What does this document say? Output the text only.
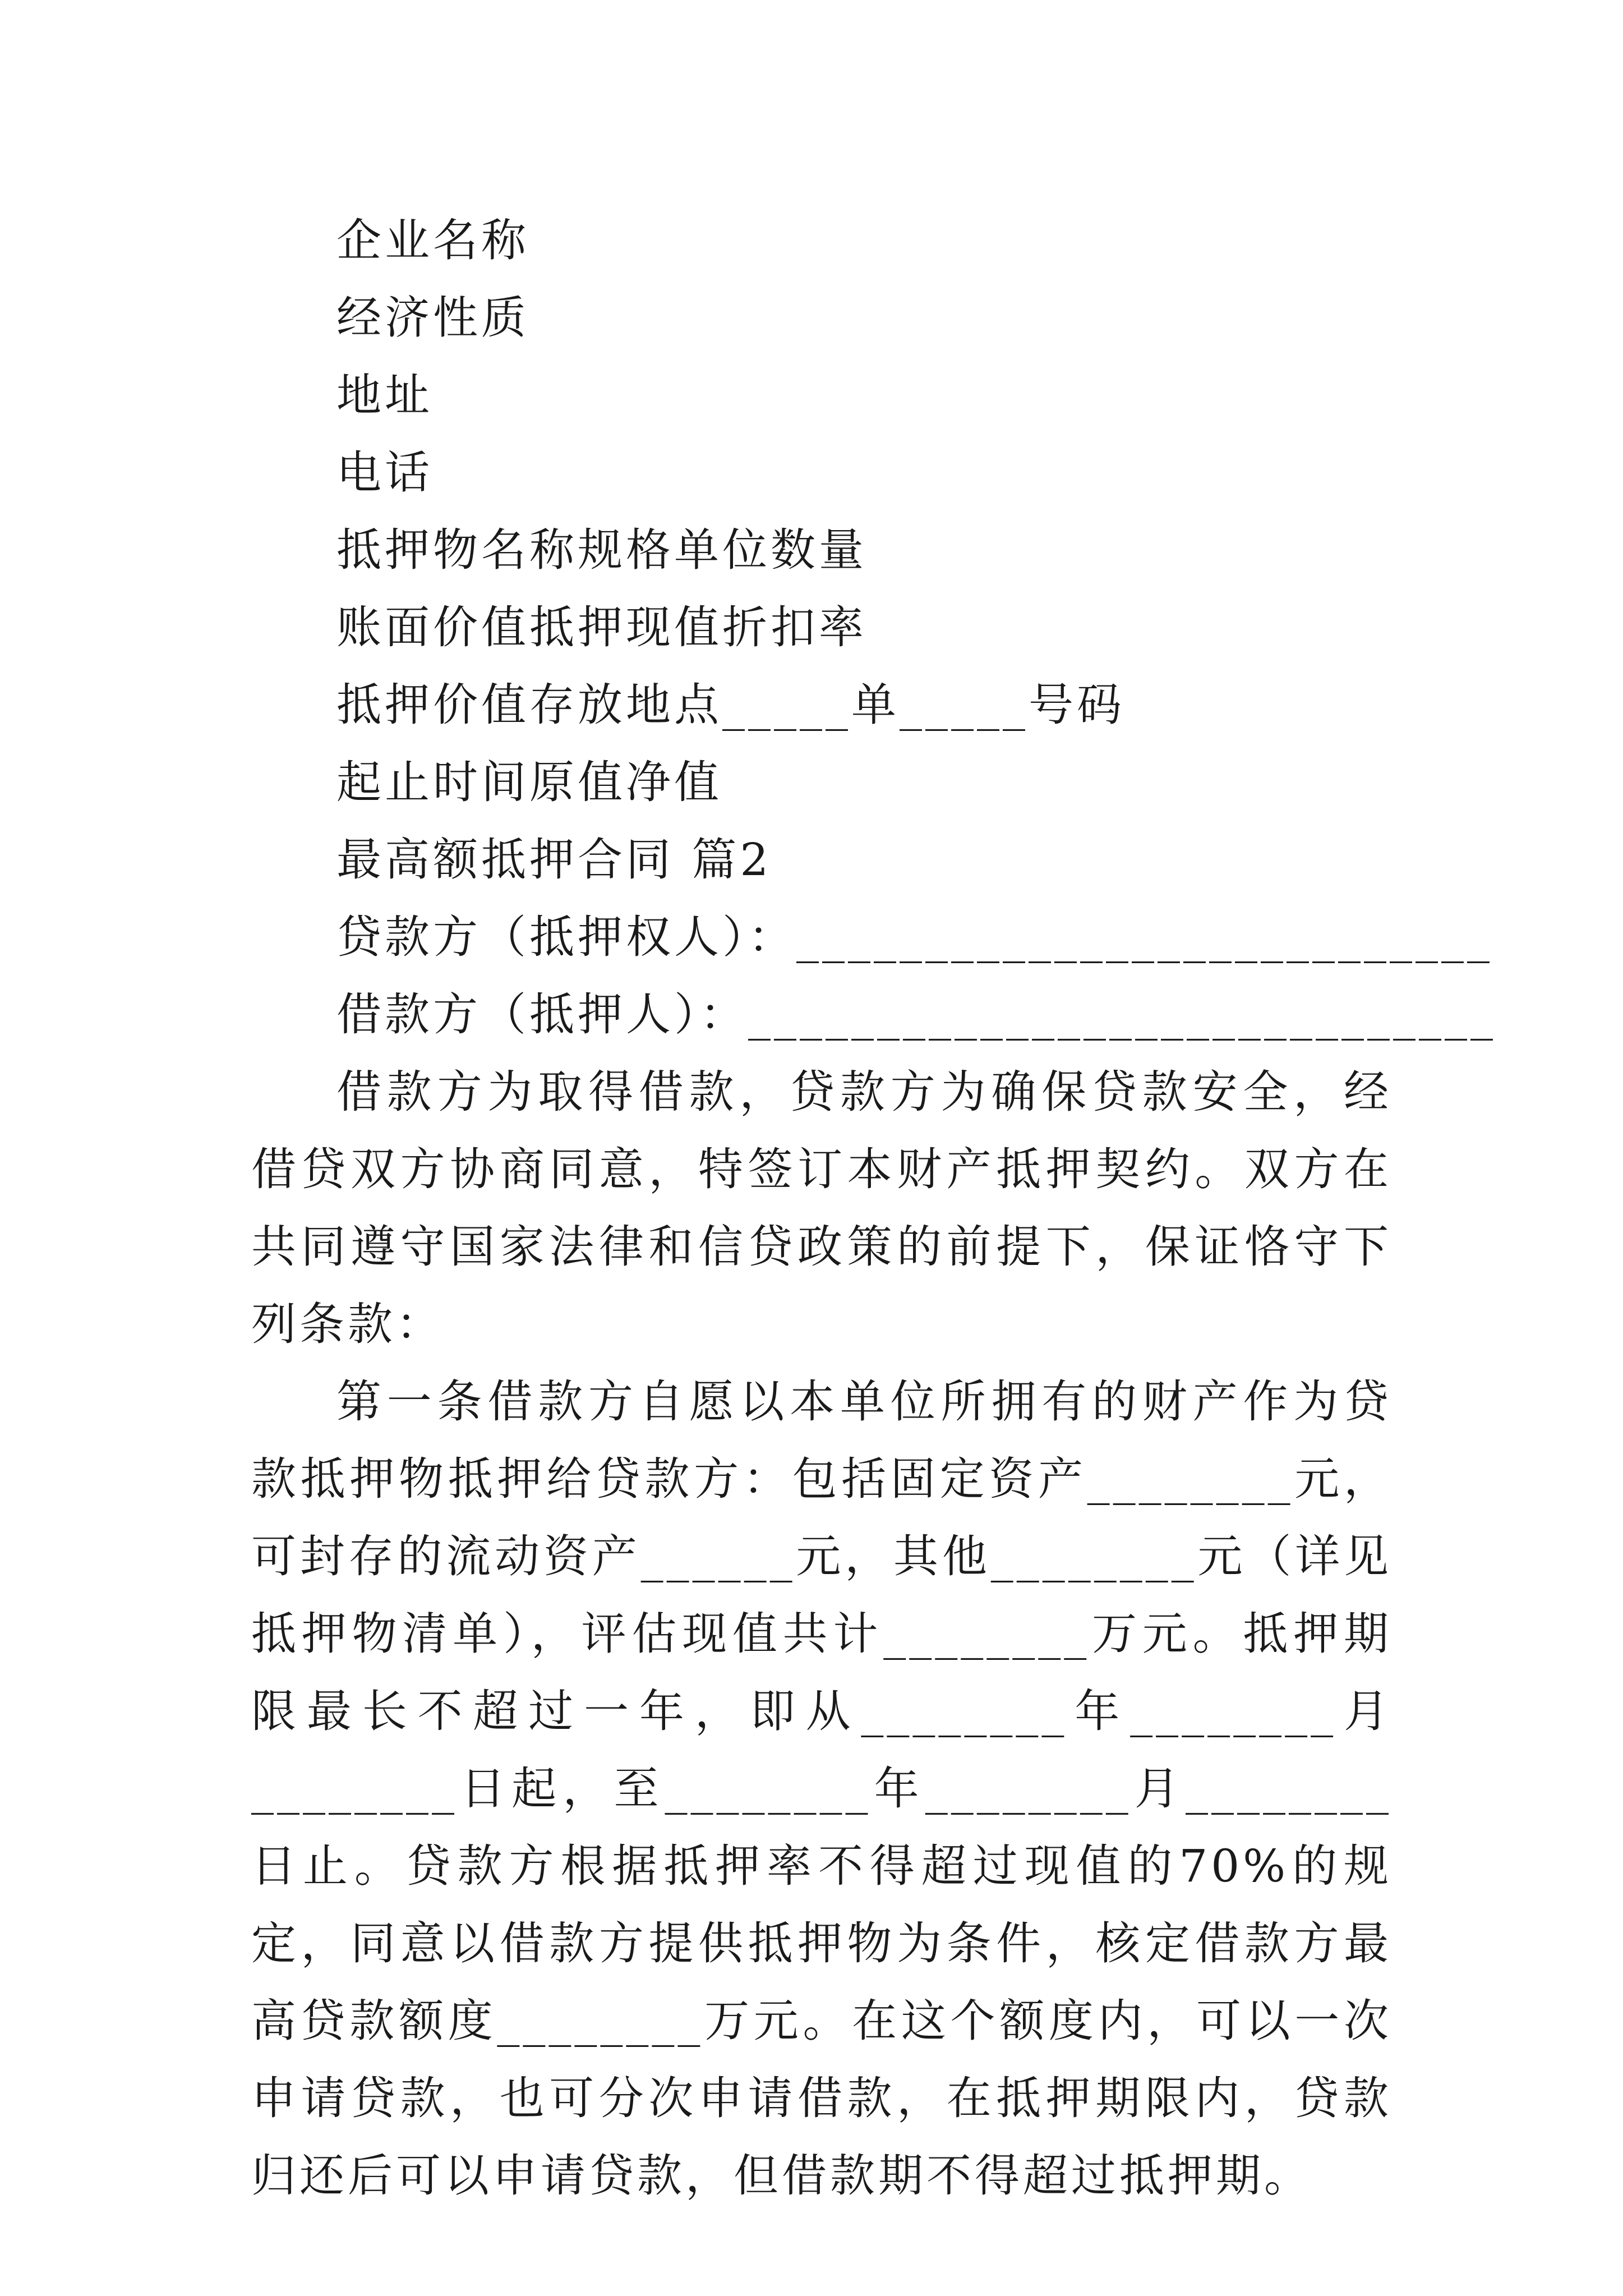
企业名称
经济性质
地址
电话
抵押物名称规格单位数量
账面价值抵押现值折扣率
抵押价值存放地点_____单_____号码
起止时间原值净值
最高额抵押合同 篇2
贷款方（抵押权人）：___________________________
借款方（抵押人）：_____________________________

借款方为取得借款，贷款方为确保贷款安全，经借贷双方协商同意，特签订本财产抵押契约。双方在共同遵守国家法律和信贷政策的前提下，保证恪守下列条款：

第一条借款方自愿以本单位所拥有的财产作为贷款抵押物抵押给贷款方：包括固定资产________元，可封存的流动资产______元，其他________元（详见抵押物清单），评估现值共计________万元。抵押期限最长不超过一年，即从________年________月________日起，至________年________月________日止。贷款方根据抵押率不得超过现值的70%的规定，同意以借款方提供抵押物为条件，核定借款方最高贷款额度________万元。在这个额度内，可以一次申请贷款，也可分次申请借款，在抵押期限内，贷款归还后可以申请贷款，但借款期不得超过抵押期。
